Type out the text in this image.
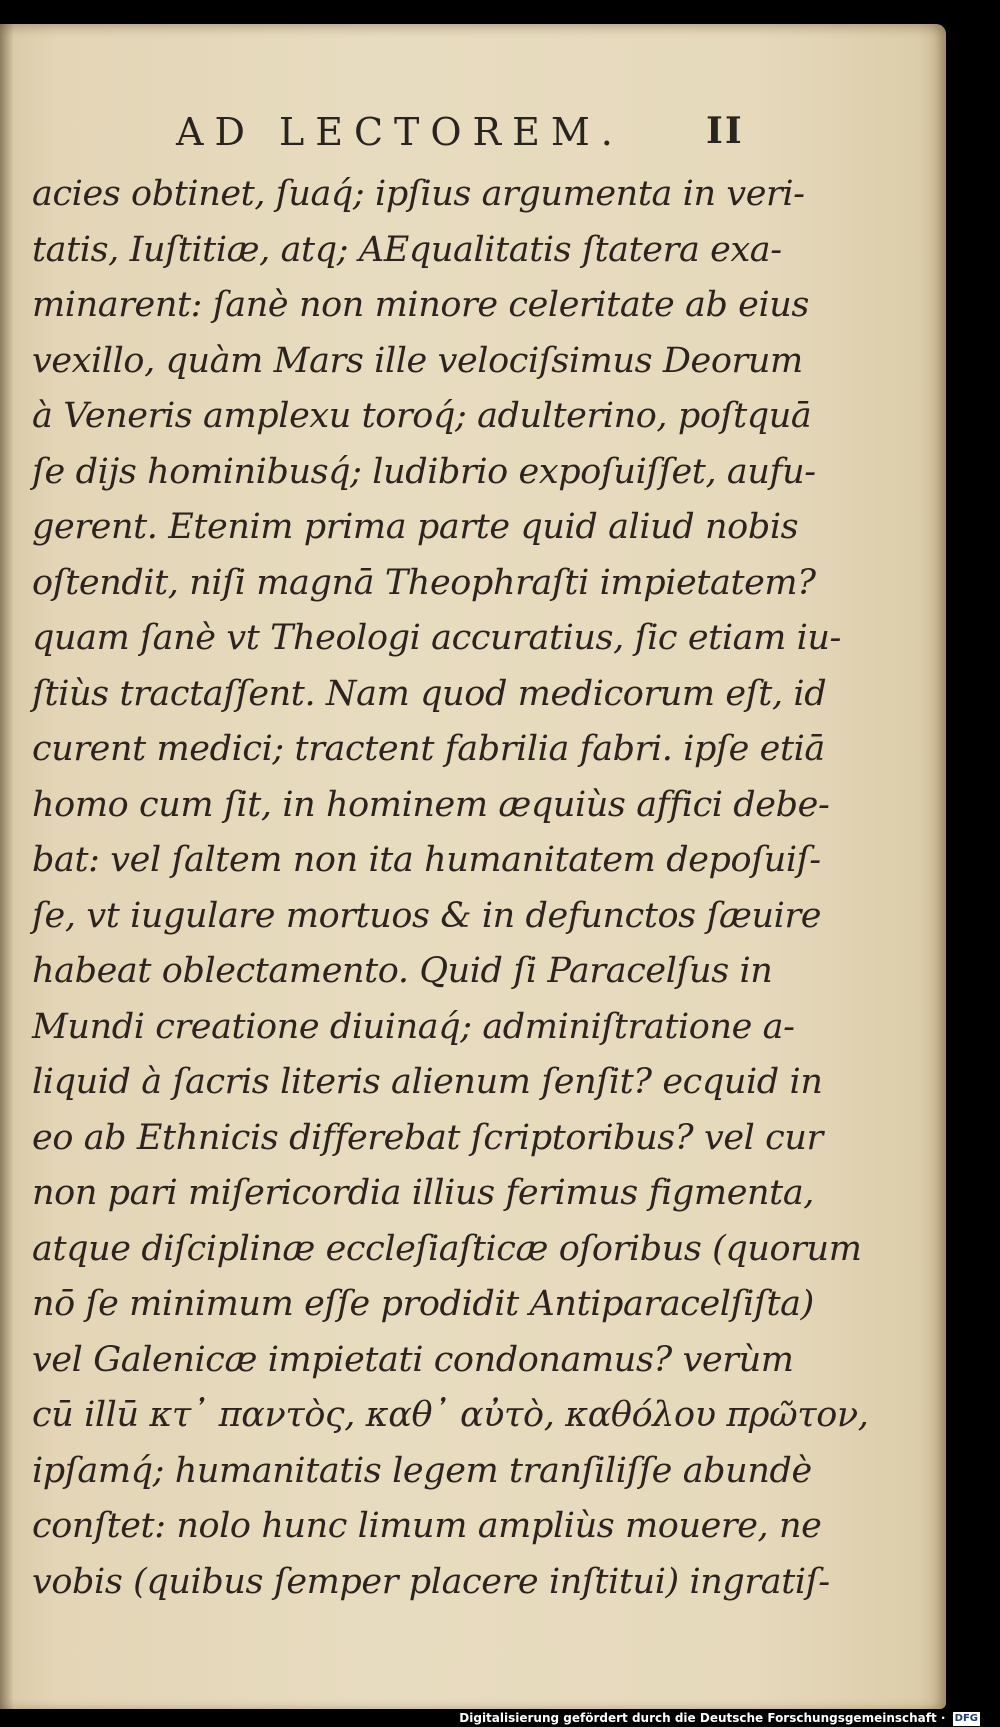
AD LECTOREM. II
acies obtinet, ſuaq́; ipſius argumenta in veri-
tatis, Iuſtitiæ, atq; AEqualitatis ſtatera exa-
minarent: ſanè non minore celeritate ab eius
vexillo, quàm Mars ille velociſsimus Deorum
à Veneris amplexu toroq́; adulterino, poſtquā
ſe dijs hominibusq́; ludibrio expoſuiſſet, aufu-
gerent. Etenim prima parte quid aliud nobis
oſtendit, niſi magnā Theophraſti impietatem?
quam ſanè vt Theologi accuratius, ſic etiam iu-
ſtiùs tractaſſent. Nam quod medicorum eſt, id
curent medici; tractent fabrilia fabri. ipſe etiā
homo cum ſit, in hominem æquiùs affici debe-
bat: vel ſaltem non ita humanitatem depoſuiſ-
ſe, vt iugulare mortuos & in defunctos ſæuire
habeat oblectamento. Quid ſi Paracelſus in
Mundi creatione diuinaq́; adminiſtratione a-
liquid à ſacris literis alienum ſenſit? ecquid in
eo ab Ethnicis differebat ſcriptoribus? vel cur
non pari miſericordia illius ferimus figmenta,
atque diſciplinæ eccleſiaſticæ oſoribus (quorum
nō ſe minimum eſſe prodidit Antiparacelſiſta)
vel Galenicæ impietati condonamus? verùm
cū illū κτ᾽ παντὸς, καθ᾽ αὐτὸ, καθόλου πρῶτον,
ipſamq́; humanitatis legem tranſiliſſe abundè
conſtet: nolo hunc limum ampliùs mouere, ne
vobis (quibus ſemper placere inſtitui) ingratiſ-
Digitalisierung gefördert durch die Deutsche Forschungsgemeinschaft · DFG
